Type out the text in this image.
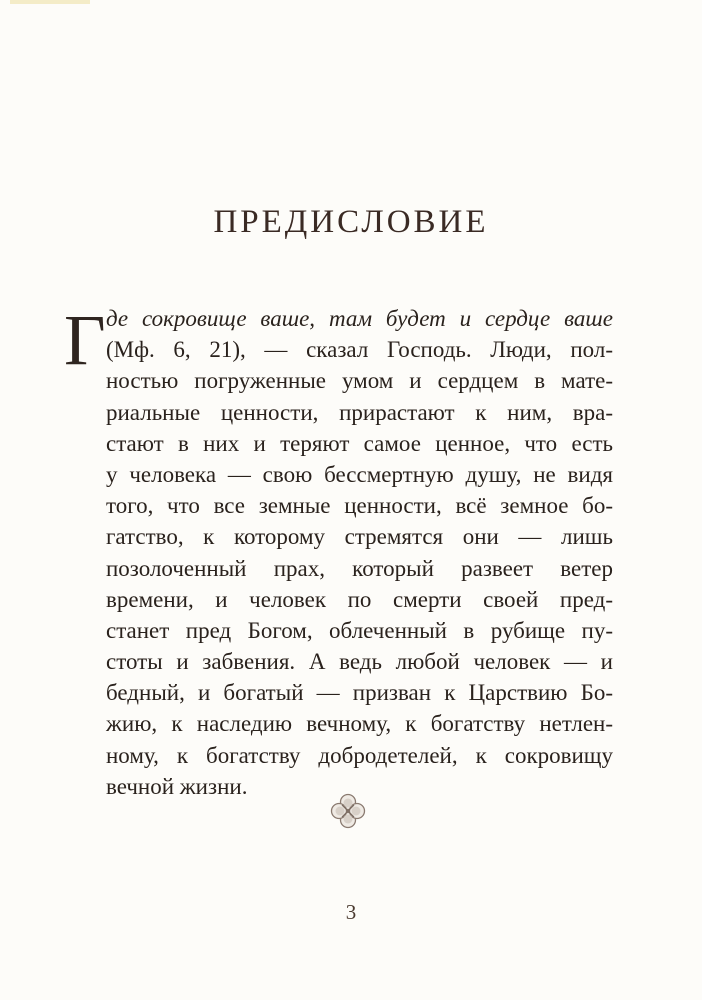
ПРЕДИСЛОВИЕ
Г де сокровище ваше, там будет и сердце ваше
(Мф. 6, 21), — сказал Господь. Люди, пол-
ностью погруженные умом и сердцем в мате-
риальные ценности, прирастают к ним, вра-
стают в них и теряют самое ценное, что есть
у человека — свою бессмертную душу, не видя
того, что все земные ценности, всё земное бо-
гатство, к которому стремятся они — лишь
позолоченный прах, который развеет ветер
времени, и человек по смерти своей пред-
станет пред Богом, облеченный в рубище пу-
стоты и забвения. А ведь любой человек — и
бедный, и богатый — призван к Царствию Бо-
жию, к наследию вечному, к богатству нетлен-
ному, к богатству добродетелей, к сокровищу
вечной жизни.
3
